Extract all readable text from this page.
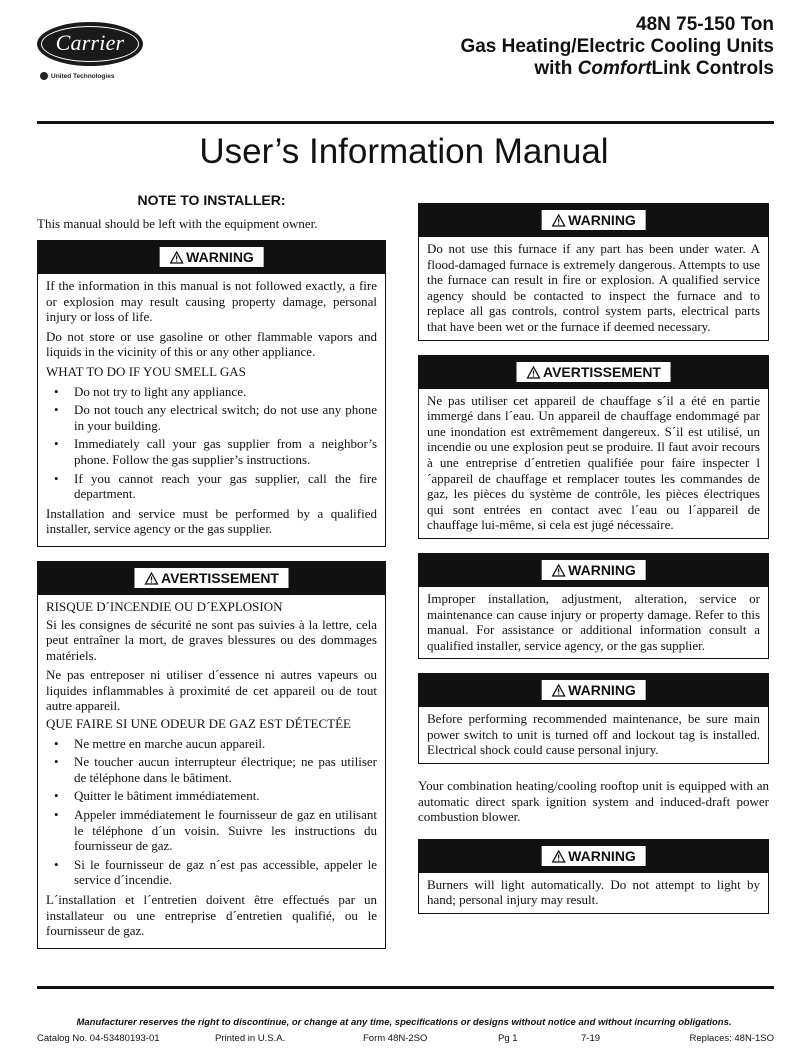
Carrier
United Technologies
48N 75-150 Ton
Gas Heating/Electric Cooling Units
with ComfortLink Controls
User’s Information Manual
NOTE TO INSTALLER:
This manual should be left with the equipment owner.
WARNING

If the information in this manual is not followed exactly, a fire or explosion may result causing property damage, personal injury or loss of life.

Do not store or use gasoline or other flammable vapors and liquids in the vicinity of this or any other appliance.

WHAT TO DO IF YOU SMELL GAS

• Do not try to light any appliance.
• Do not touch any electrical switch; do not use any phone in your building.
• Immediately call your gas supplier from a neighbor’s phone. Follow the gas supplier’s instructions.
• If you cannot reach your gas supplier, call the fire department.

Installation and service must be performed by a qualified installer, service agency or the gas supplier.

AVERTISSEMENT

RISQUE D´INCENDIE OU D´EXPLOSION

Si les consignes de sécurité ne sont pas suivies à la lettre, cela peut entraîner la mort, de graves blessures ou des dommages matériels.

Ne pas entreposer ni utiliser d´essence ni autres vapeurs ou liquides inflammables à proximité de cet appareil ou de tout autre appareil.

QUE FAIRE SI UNE ODEUR DE GAZ EST DÉTECTÉE

• Ne mettre en marche aucun appareil.
• Ne toucher aucun interrupteur électrique; ne pas utiliser de téléphone dans le bâtiment.
• Quitter le bâtiment immédiatement.
• Appeler immédiatement le fournisseur de gaz en utilisant le téléphone d´un voisin. Suivre les instructions du fournisseur de gaz.
• Si le fournisseur de gaz n´est pas accessible, appeler le service d´incendie.

L´installation et l´entretien doivent être effectués par un installateur ou une entreprise d´entretien qualifié, ou le fournisseur de gaz.

WARNING
Do not use this furnace if any part has been under water. A flood-damaged furnace is extremely dangerous. Attempts to use the furnace can result in fire or explosion. A qualified service agency should be contacted to inspect the furnace and to replace all gas controls, control system parts, electrical parts that have been wet or the furnace if deemed necessary.
AVERTISSEMENT
Ne pas utiliser cet appareil de chauffage s´il a été en partie immergé dans l´eau. Un appareil de chauffage endommagé par une inondation est extrêmement dangereux. S´il est utilisé, un incendie ou une explosion peut se produire. Il faut avoir recours à une entreprise d´entretien qualifiée pour faire inspecter l´appareil de chauffage et remplacer toutes les commandes de gaz, les pièces du système de contrôle, les pièces électriques qui sont entrées en contact avec l´eau ou l´appareil de chauffage lui-même, si cela est jugé nécessaire.
WARNING
Improper installation, adjustment, alteration, service or maintenance can cause injury or property damage. Refer to this manual. For assistance or additional information consult a qualified installer, service agency, or the gas supplier.
WARNING
Before performing recommended maintenance, be sure main power switch to unit is turned off and lockout tag is installed. Electrical shock could cause personal injury.
Your combination heating/cooling rooftop unit is equipped with an automatic direct spark ignition system and induced-draft power combustion blower.
WARNING
Burners will light automatically. Do not attempt to light by hand; personal injury may result.
Manufacturer reserves the right to discontinue, or change at any time, specifications or designs without notice and without incurring obligations.
Catalog No. 04-53480193-01	Printed in U.S.A.	Form 48N-2SO	Pg 1	7-19	Replaces: 48N-1SO
